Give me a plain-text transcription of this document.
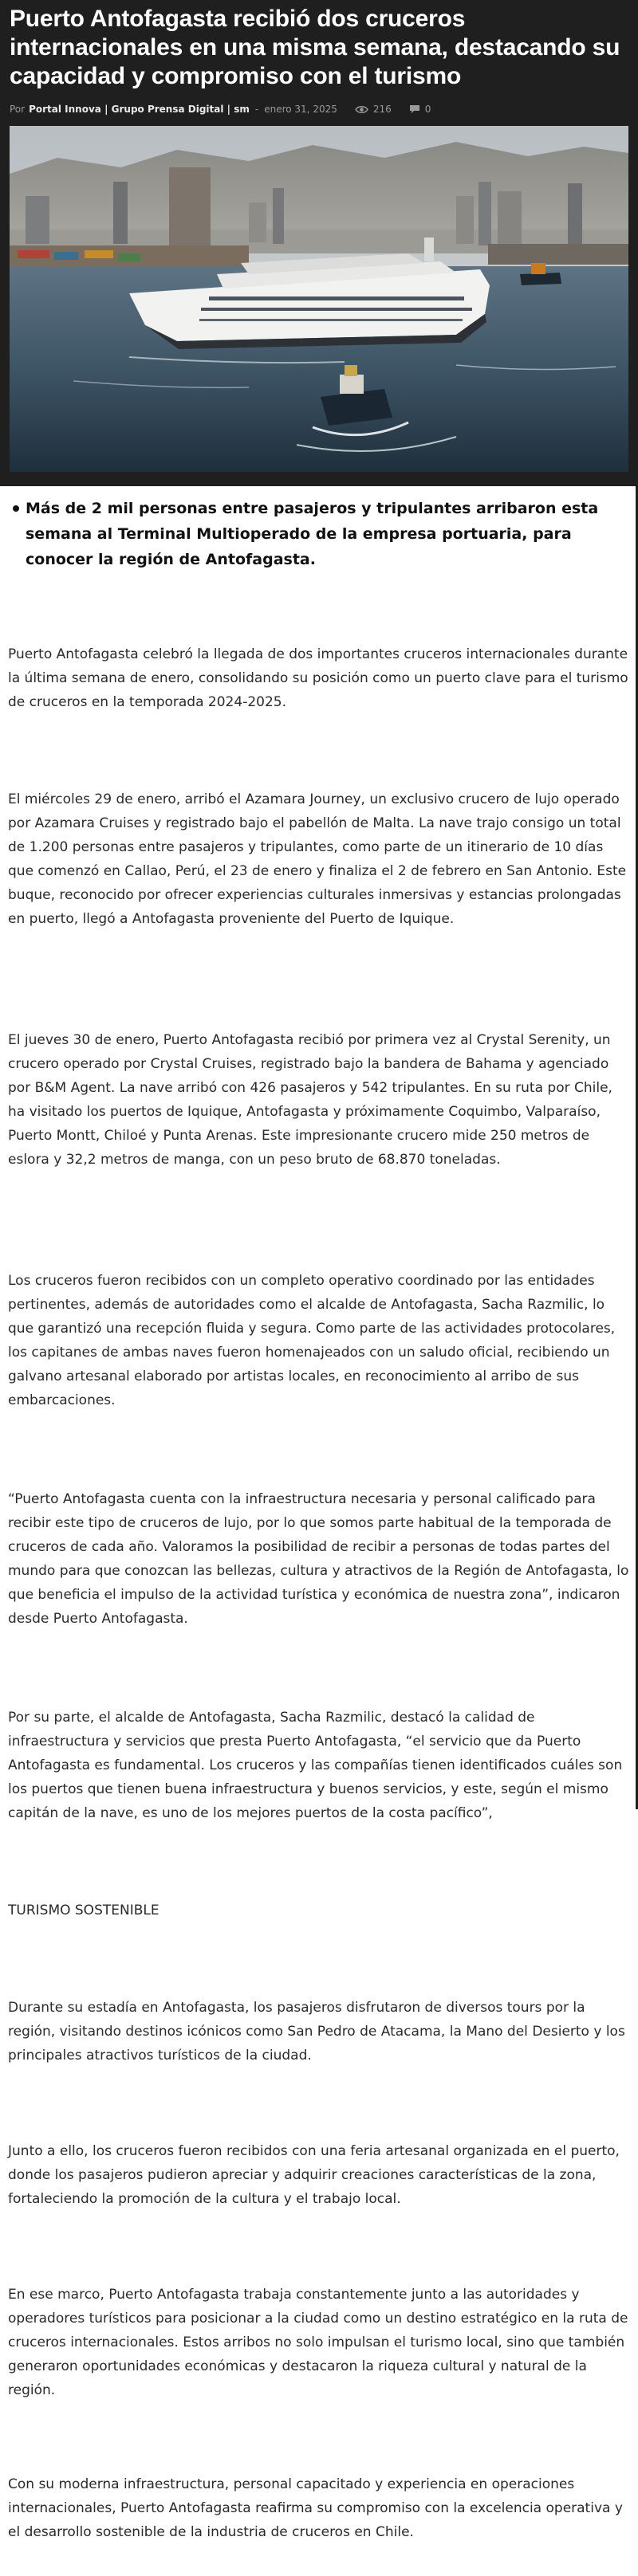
Puerto Antofagasta recibió dos cruceros internacionales en una misma semana, destacando su capacidad y compromiso con el turismo
Por Portal Innova | Grupo Prensa Digital | sm - enero 31, 2025	216	0
Más de 2 mil personas entre pasajeros y tripulantes arribaron esta semana al Terminal Multioperado de la empresa portuaria, para conocer la región de Antofagasta.

Puerto Antofagasta celebró la llegada de dos importantes cruceros internacionales durante la última semana de enero, consolidando su posición como un puerto clave para el turismo de cruceros en la temporada 2024-2025.

El miércoles 29 de enero, arribó el Azamara Journey, un exclusivo crucero de lujo operado por Azamara Cruises y registrado bajo el pabellón de Malta. La nave trajo consigo un total de 1.200 personas entre pasajeros y tripulantes, como parte de un itinerario de 10 días que comenzó en Callao, Perú, el 23 de enero y finaliza el 2 de febrero en San Antonio. Este buque, reconocido por ofrecer experiencias culturales inmersivas y estancias prolongadas en puerto, llegó a Antofagasta proveniente del Puerto de Iquique.

El jueves 30 de enero, Puerto Antofagasta recibió por primera vez al Crystal Serenity, un crucero operado por Crystal Cruises, registrado bajo la bandera de Bahama y agenciado por B&M Agent. La nave arribó con 426 pasajeros y 542 tripulantes. En su ruta por Chile, ha visitado los puertos de Iquique, Antofagasta y próximamente Coquimbo, Valparaíso, Puerto Montt, Chiloé y Punta Arenas. Este impresionante crucero mide 250 metros de eslora y 32,2 metros de manga, con un peso bruto de 68.870 toneladas.

Los cruceros fueron recibidos con un completo operativo coordinado por las entidades pertinentes, además de autoridades como el alcalde de Antofagasta, Sacha Razmilic, lo que garantizó una recepción fluida y segura. Como parte de las actividades protocolares, los capitanes de ambas naves fueron homenajeados con un saludo oficial, recibiendo un galvano artesanal elaborado por artistas locales, en reconocimiento al arribo de sus embarcaciones.

“Puerto Antofagasta cuenta con la infraestructura necesaria y personal calificado para recibir este tipo de cruceros de lujo, por lo que somos parte habitual de la temporada de cruceros de cada año. Valoramos la posibilidad de recibir a personas de todas partes del mundo para que conozcan las bellezas, cultura y atractivos de la Región de Antofagasta, lo que beneficia el impulso de la actividad turística y económica de nuestra zona”, indicaron desde Puerto Antofagasta.

Por su parte, el alcalde de Antofagasta, Sacha Razmilic, destacó la calidad de infraestructura y servicios que presta Puerto Antofagasta, “el servicio que da Puerto Antofagasta es fundamental. Los cruceros y las compañías tienen identificados cuáles son los puertos que tienen buena infraestructura y buenos servicios, y este, según el mismo capitán de la nave, es uno de los mejores puertos de la costa pacífico”,

TURISMO SOSTENIBLE

Durante su estadía en Antofagasta, los pasajeros disfrutaron de diversos tours por la región, visitando destinos icónicos como San Pedro de Atacama, la Mano del Desierto y los principales atractivos turísticos de la ciudad.

Junto a ello, los cruceros fueron recibidos con una feria artesanal organizada en el puerto, donde los pasajeros pudieron apreciar y adquirir creaciones características de la zona, fortaleciendo la promoción de la cultura y el trabajo local.

En ese marco, Puerto Antofagasta trabaja constantemente junto a las autoridades y operadores turísticos para posicionar a la ciudad como un destino estratégico en la ruta de cruceros internacionales. Estos arribos no solo impulsan el turismo local, sino que también generaron oportunidades económicas y destacaron la riqueza cultural y natural de la región.

Con su moderna infraestructura, personal capacitado y experiencia en operaciones internacionales, Puerto Antofagasta reafirma su compromiso con la excelencia operativa y el desarrollo sostenible de la industria de cruceros en Chile.
